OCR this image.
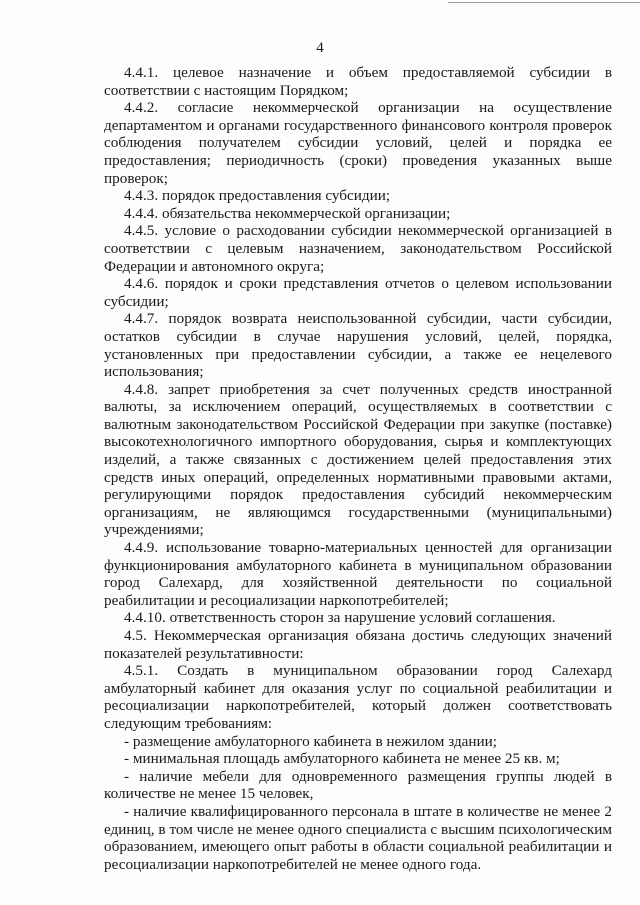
4

4.4.1. целевое назначение и объем предоставляемой субсидии в соответствии с настоящим Порядком;

4.4.2. согласие некоммерческой организации на осуществление департаментом и органами государственного финансового контроля проверок соблюдения получателем субсидии условий, целей и порядка ее предоставления; периодичность (сроки) проведения указанных выше проверок;

4.4.3. порядок предоставления субсидии;

4.4.4. обязательства некоммерческой организации;

4.4.5. условие о расходовании субсидии некоммерческой организацией в соответствии с целевым назначением, законодательством Российской Федерации и автономного округа;

4.4.6. порядок и сроки представления отчетов о целевом использовании субсидии;

4.4.7. порядок возврата неиспользованной субсидии, части субсидии, остатков субсидии в случае нарушения условий, целей, порядка, установленных при предоставлении субсидии, а также ее нецелевого использования;

4.4.8. запрет приобретения за счет полученных средств иностранной валюты, за исключением операций, осуществляемых в соответствии с валютным законодательством Российской Федерации при закупке (поставке) высокотехнологичного импортного оборудования, сырья и комплектующих изделий, а также связанных с достижением целей предоставления этих средств иных операций, определенных нормативными правовыми актами, регулирующими порядок предоставления субсидий некоммерческим организациям, не являющимся государственными (муниципальными) учреждениями;

4.4.9. использование товарно-материальных ценностей для организации функционирования амбулаторного кабинета в муниципальном образовании город Салехард, для хозяйственной деятельности по социальной реабилитации и ресоциализации наркопотребителей;

4.4.10. ответственность сторон за нарушение условий соглашения.

4.5. Некоммерческая организация обязана достичь следующих значений показателей результативности:

4.5.1. Создать в муниципальном образовании город Салехард амбулаторный кабинет для оказания услуг по социальной реабилитации и ресоциализации наркопотребителей, который должен соответствовать следующим требованиям:

- размещение амбулаторного кабинета в нежилом здании;

- минимальная площадь амбулаторного кабинета не менее 25 кв. м;

- наличие мебели для одновременного размещения группы людей в количестве не менее 15 человек,

- наличие квалифицированного персонала в штате в количестве не менее 2 единиц, в том числе не менее одного специалиста с высшим психологическим образованием, имеющего опыт работы в области социальной реабилитации и ресоциализации наркопотребителей не менее одного года.
